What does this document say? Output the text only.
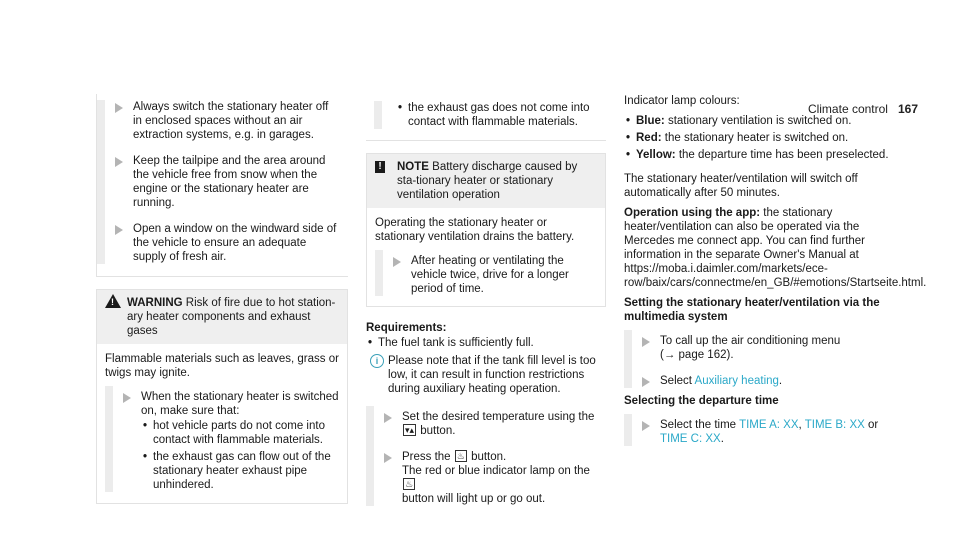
Climate control 167
Always switch the stationary heater off in enclosed spaces without an air extraction systems, e.g. in garages.
Keep the tailpipe and the area around the vehicle free from snow when the engine or the stationary heater are running.
Open a window on the windward side of the vehicle to ensure an adequate supply of fresh air.
! WARNING Risk of fire due to hot station-ary heater components and exhaust gases
Flammable materials such as leaves, grass or twigs may ignite.
When the stationary heater is switched on, make sure that:
• hot vehicle parts do not come into contact with flammable materials.
• the exhaust gas can flow out of the stationary heater exhaust pipe unhindered.
• the exhaust gas does not come into contact with flammable materials.
! NOTE Battery discharge caused by sta-tionary heater or stationary ventilation operation
Operating the stationary heater or stationary ventilation drains the battery.
After heating or ventilating the vehicle twice, drive for a longer period of time.
Requirements:
• The fuel tank is sufficiently full.
i Please note that if the tank fill level is too low, it can result in function restrictions during auxiliary heating operation.
Set the desired temperature using the ▾▴ button.
Press the ♨ button.
The red or blue indicator lamp on the ♨
button will light up or go out.
Indicator lamp colours:
• Blue: stationary ventilation is switched on.
• Red: the stationary heater is switched on.
• Yellow: the departure time has been preselected.
The stationary heater/ventilation will switch off automatically after 50 minutes.
Operation using the app: the stationary heater/ventilation can also be operated via the Mercedes me connect app. You can find further information in the separate Owner's Manual at https://moba.i.daimler.com/markets/ece-row/baix/cars/connectme/en_GB/#emotions/Startseite.html.
Setting the stationary heater/ventilation via the multimedia system
To call up the air conditioning menu
(→ page 162).
Select Auxiliary heating.
Selecting the departure time
Select the time TIME A: XX, TIME B: XX or
TIME C: XX.
